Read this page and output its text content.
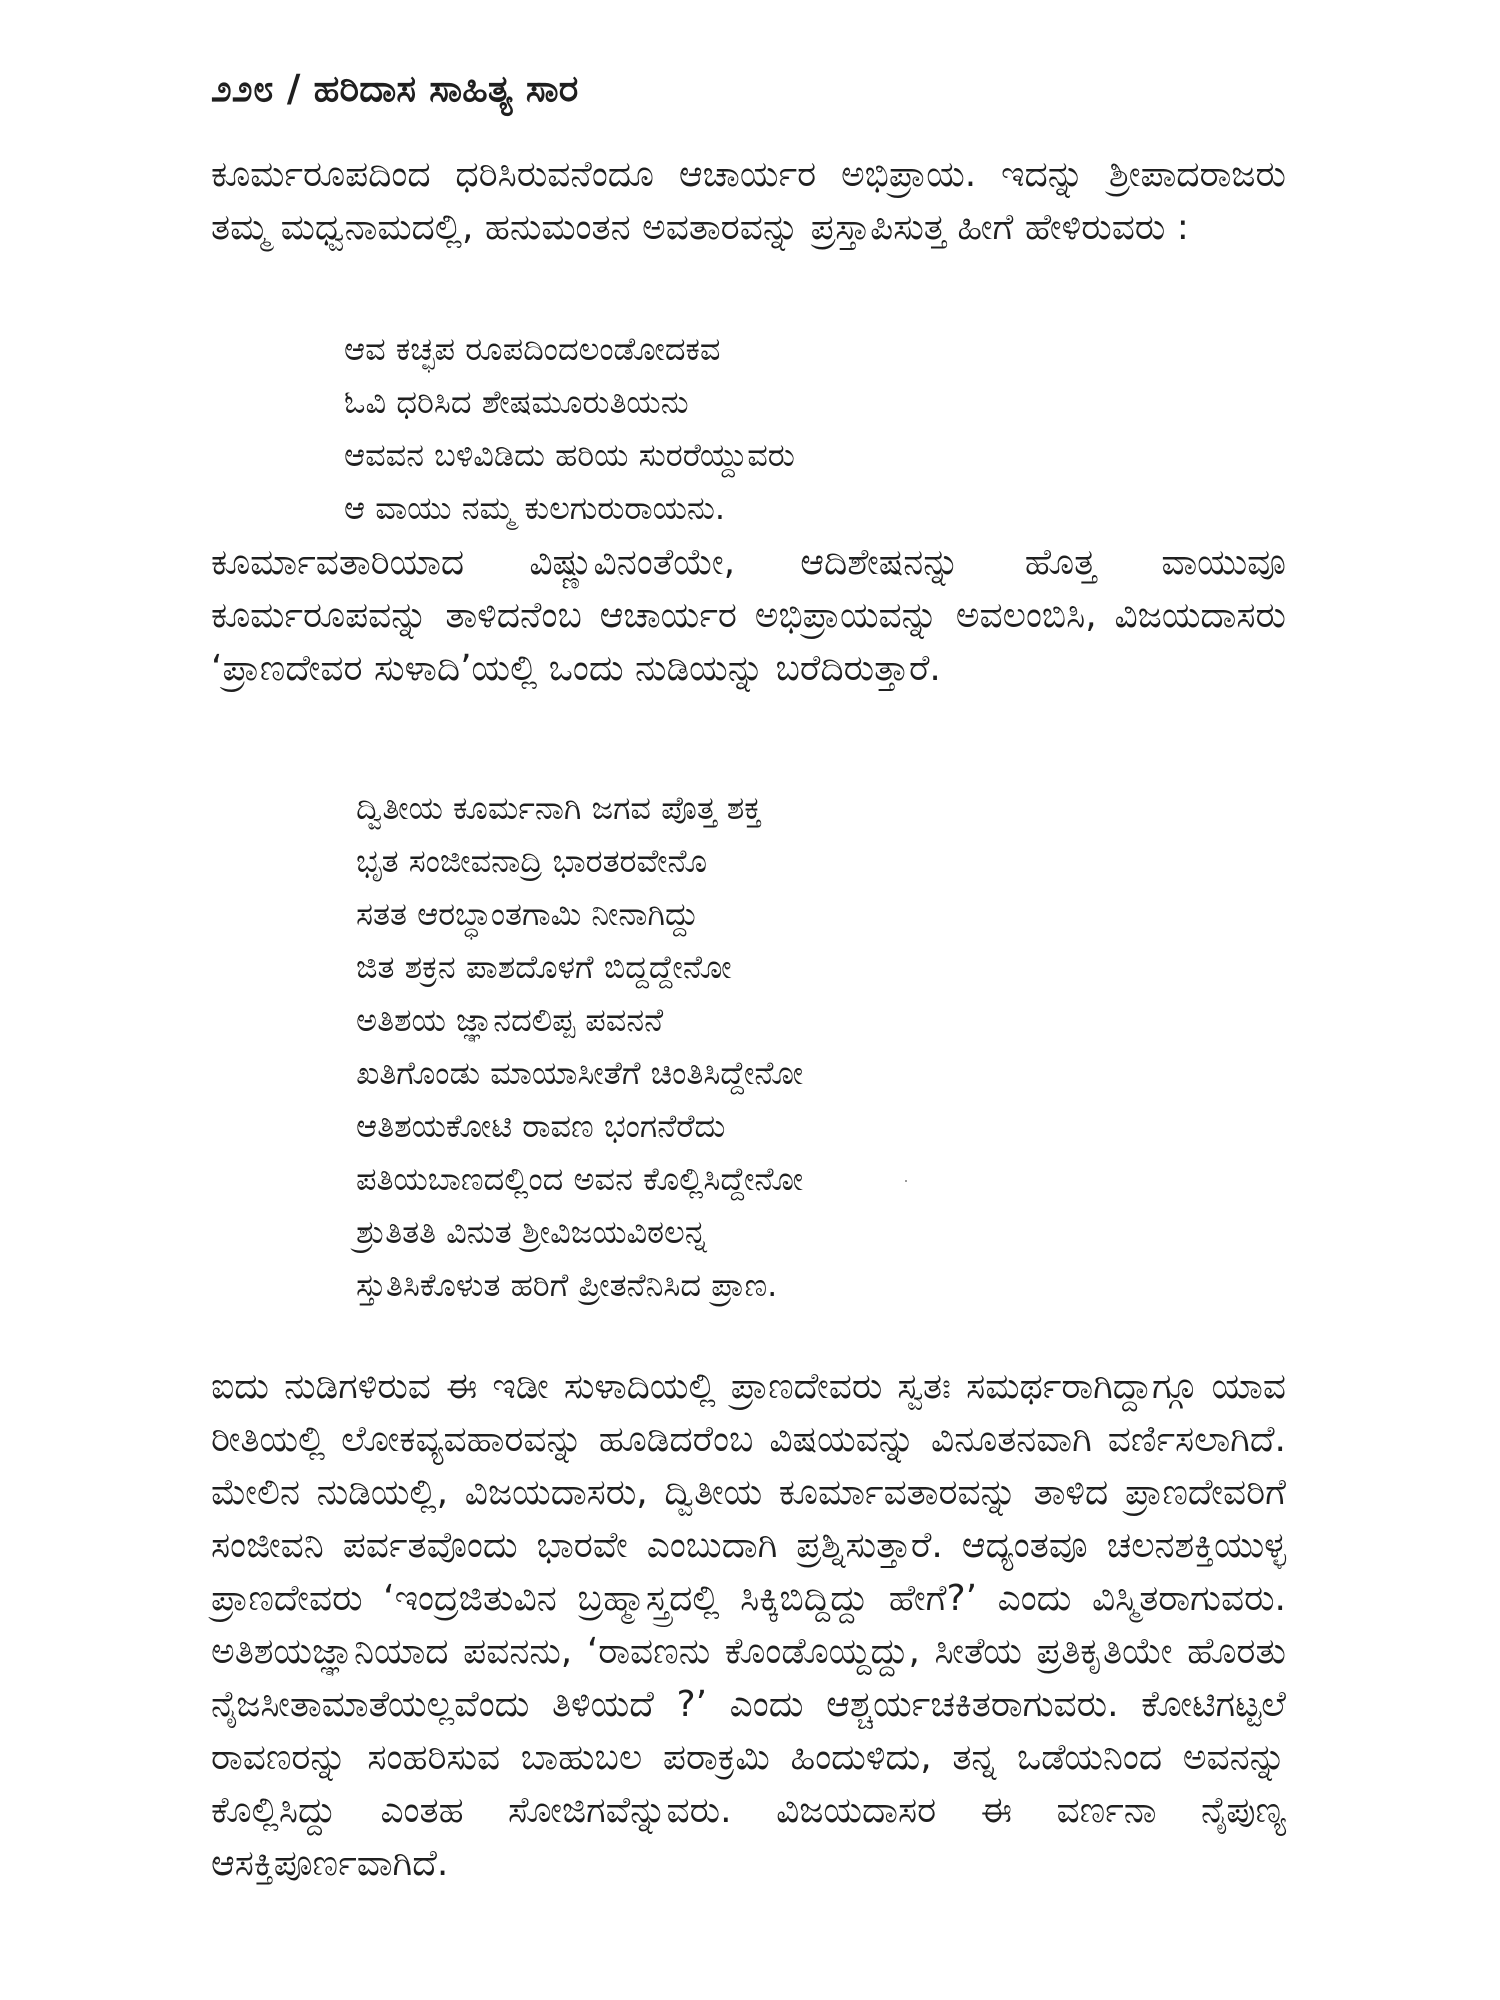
೨೨೮ / ಹರಿದಾಸ ಸಾಹಿತ್ಯ ಸಾರ
ಕೂರ್ಮರೂಪದಿಂದ ಧರಿಸಿರುವನೆಂದೂ ಆಚಾರ್ಯರ ಅಭಿಪ್ರಾಯ. ಇದನ್ನು ಶ್ರೀಪಾದರಾಜರು ತಮ್ಮ ಮಧ್ವನಾಮದಲ್ಲಿ, ಹನುಮಂತನ ಅವತಾರವನ್ನು ಪ್ರಸ್ತಾಪಿಸುತ್ತ ಹೀಗೆ ಹೇಳಿರುವರು :
ಆವ ಕಚ್ಛಪ ರೂಪದಿಂದಲಂಡೋದಕವ
ಓವಿ ಧರಿಸಿದ ಶೇಷಮೂರುತಿಯನು
ಆವವನ ಬಳಿವಿಡಿದು ಹರಿಯ ಸುರರೆಯ್ದುವರು
ಆ ವಾಯು ನಮ್ಮ ಕುಲಗುರುರಾಯನು.
ಕೂರ್ಮಾವತಾರಿಯಾದ ವಿಷ್ಣುವಿನಂತೆಯೇ, ಆದಿಶೇಷನನ್ನು ಹೊತ್ತ ವಾಯುವೂ ಕೂರ್ಮರೂಪವನ್ನು ತಾಳಿದನೆಂಬ ಆಚಾರ್ಯರ ಅಭಿಪ್ರಾಯವನ್ನು ಅವಲಂಬಿಸಿ, ವಿಜಯದಾಸರು ‘ಪ್ರಾಣದೇವರ ಸುಳಾದಿ’ಯಲ್ಲಿ ಒಂದು ನುಡಿಯನ್ನು ಬರೆದಿರುತ್ತಾರೆ.
ದ್ವಿತೀಯ ಕೂರ್ಮನಾಗಿ ಜಗವ ಪೊತ್ತ ಶಕ್ತ
ಭೃತ ಸಂಜೀವನಾದ್ರಿ ಭಾರತರವೇನೊ
ಸತತ ಆರಬ್ಧಾಂತಗಾಮಿ ನೀನಾಗಿದ್ದು
ಜಿತ ಶಕ್ರನ ಪಾಶದೊಳಗೆ ಬಿದ್ದದ್ದೇನೋ
ಅತಿಶಯ ಜ್ಞಾನದಲಿಪ್ಪ ಪವನನೆ
ಖತಿಗೊಂಡು ಮಾಯಾಸೀತೆಗೆ ಚಿಂತಿಸಿದ್ದೇನೋ
ಆತಿಶಯಕೋಟಿ ರಾವಣ ಭಂಗನೆರೆದು
ಪತಿಯಬಾಣದಲ್ಲಿಂದ ಅವನ ಕೊಲ್ಲಿಸಿದ್ದೇನೋ
ಶ್ರುತಿತತಿ ವಿನುತ ಶ್ರೀವಿಜಯವಿಠಲನ್ನ
ಸ್ತುತಿಸಿಕೊಳುತ ಹರಿಗೆ ಪ್ರೀತನೆನಿಸಿದ ಪ್ರಾಣ.
ಐದು ನುಡಿಗಳಿರುವ ಈ ಇಡೀ ಸುಳಾದಿಯಲ್ಲಿ ಪ್ರಾಣದೇವರು ಸ್ವತಃ ಸಮರ್ಥರಾಗಿದ್ದಾಗ್ಗೂ ಯಾವ ರೀತಿಯಲ್ಲಿ ಲೋಕವ್ಯವಹಾರವನ್ನು ಹೂಡಿದರೆಂಬ ವಿಷಯವನ್ನು ವಿನೂತನವಾಗಿ ವರ್ಣಿಸಲಾಗಿದೆ. ಮೇಲಿನ ನುಡಿಯಲ್ಲಿ, ವಿಜಯದಾಸರು, ದ್ವಿತೀಯ ಕೂರ್ಮಾವತಾರವನ್ನು ತಾಳಿದ ಪ್ರಾಣದೇವರಿಗೆ ಸಂಜೀವನಿ ಪರ್ವತವೊಂದು ಭಾರವೇ ಎಂಬುದಾಗಿ ಪ್ರಶ್ನಿಸುತ್ತಾರೆ. ಆದ್ಯಂತವೂ ಚಲನಶಕ್ತಿಯುಳ್ಳ ಪ್ರಾಣದೇವರು ‘ಇಂದ್ರಜಿತುವಿನ ಬ್ರಹ್ಮಾಸ್ತ್ರದಲ್ಲಿ ಸಿಕ್ಕಿಬಿದ್ದಿದ್ದು ಹೇಗೆ?’ ಎಂದು ವಿಸ್ಮಿತರಾಗುವರು. ಅತಿಶಯಜ್ಞಾನಿಯಾದ ಪವನನು, ‘ರಾವಣನು ಕೊಂಡೊಯ್ದದ್ದು, ಸೀತೆಯ ಪ್ರತಿಕೃತಿಯೇ ಹೊರತು ನೈಜಸೀತಾಮಾತೆಯಲ್ಲವೆಂದು ತಿಳಿಯದೆ ?’ ಎಂದು ಆಶ್ಚರ್ಯಚಕಿತರಾಗುವರು. ಕೋಟಿಗಟ್ಟಲೆ ರಾವಣರನ್ನು ಸಂಹರಿಸುವ ಬಾಹುಬಲ ಪರಾಕ್ರಮಿ ಹಿಂದುಳಿದು, ತನ್ನ ಒಡೆಯನಿಂದ ಅವನನ್ನು ಕೊಲ್ಲಿಸಿದ್ದು ಎಂತಹ ಸೋಜಿಗವೆನ್ನುವರು. ವಿಜಯದಾಸರ ಈ ವರ್ಣನಾ ನೈಪುಣ್ಯ ಆಸಕ್ತಿಪೂರ್ಣವಾಗಿದೆ.
